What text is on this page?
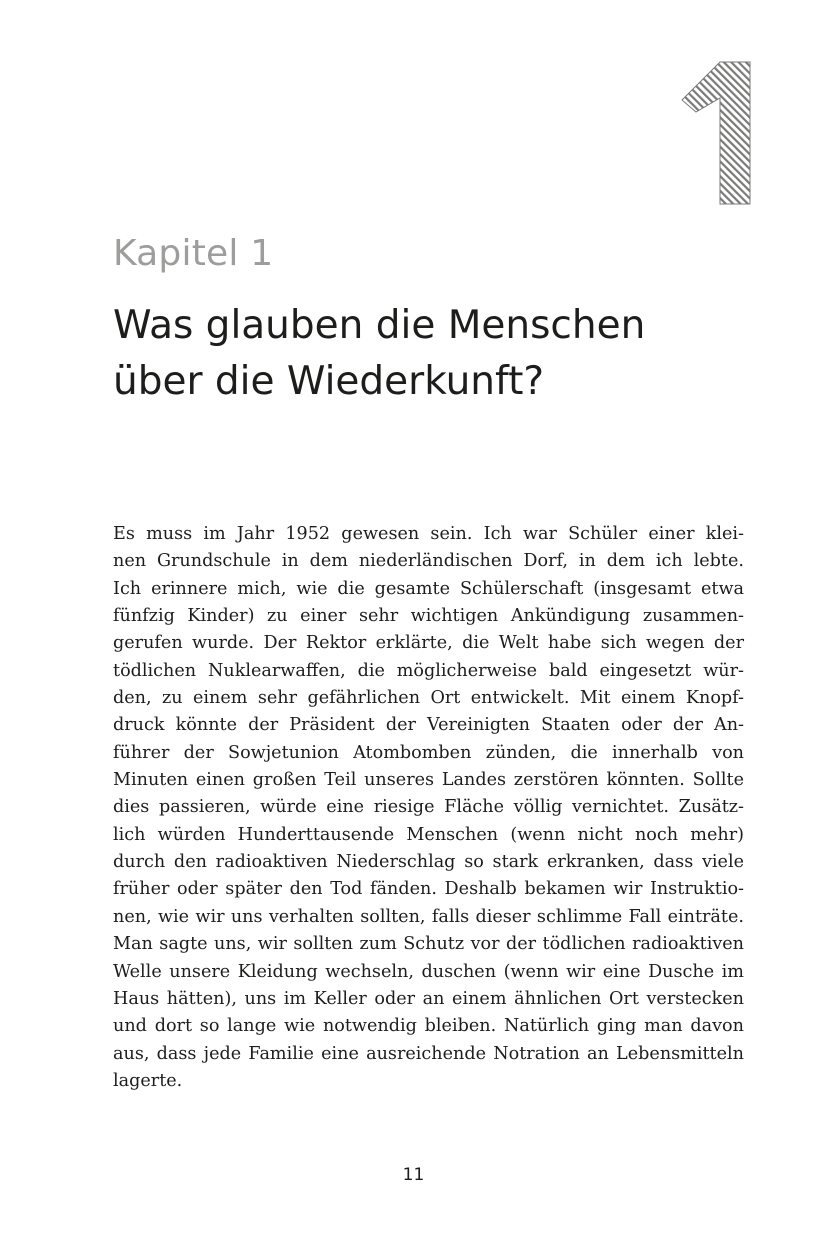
Kapitel 1
Was glauben die Menschen
über die Wiederkunft?
Es muss im Jahr 1952 gewesen sein. Ich war Schüler einer klei-
nen Grundschule in dem niederländischen Dorf, in dem ich lebte.
Ich erinnere mich, wie die gesamte Schülerschaft (insgesamt etwa
fünfzig Kinder) zu einer sehr wichtigen Ankündigung zusammen-
gerufen wurde. Der Rektor erklärte, die Welt habe sich wegen der
tödlichen Nuklearwaffen, die möglicherweise bald eingesetzt wür-
den, zu einem sehr gefährlichen Ort entwickelt. Mit einem Knopf-
druck könnte der Präsident der Vereinigten Staaten oder der An-
führer der Sowjetunion Atombomben zünden, die innerhalb von
Minuten einen großen Teil unseres Landes zerstören könnten. Sollte
dies passieren, würde eine riesige Fläche völlig vernichtet. Zusätz-
lich würden Hunderttausende Menschen (wenn nicht noch mehr)
durch den radioaktiven Niederschlag so stark erkranken, dass viele
früher oder später den Tod fänden. Deshalb bekamen wir Instruktio-
nen, wie wir uns verhalten sollten, falls dieser schlimme Fall einträte.
Man sagte uns, wir sollten zum Schutz vor der tödlichen radioaktiven
Welle unsere Kleidung wechseln, duschen (wenn wir eine Dusche im
Haus hätten), uns im Keller oder an einem ähnlichen Ort verstecken
und dort so lange wie notwendig bleiben. Natürlich ging man davon
aus, dass jede Familie eine ausreichende Notration an Lebensmitteln
lagerte.
11
